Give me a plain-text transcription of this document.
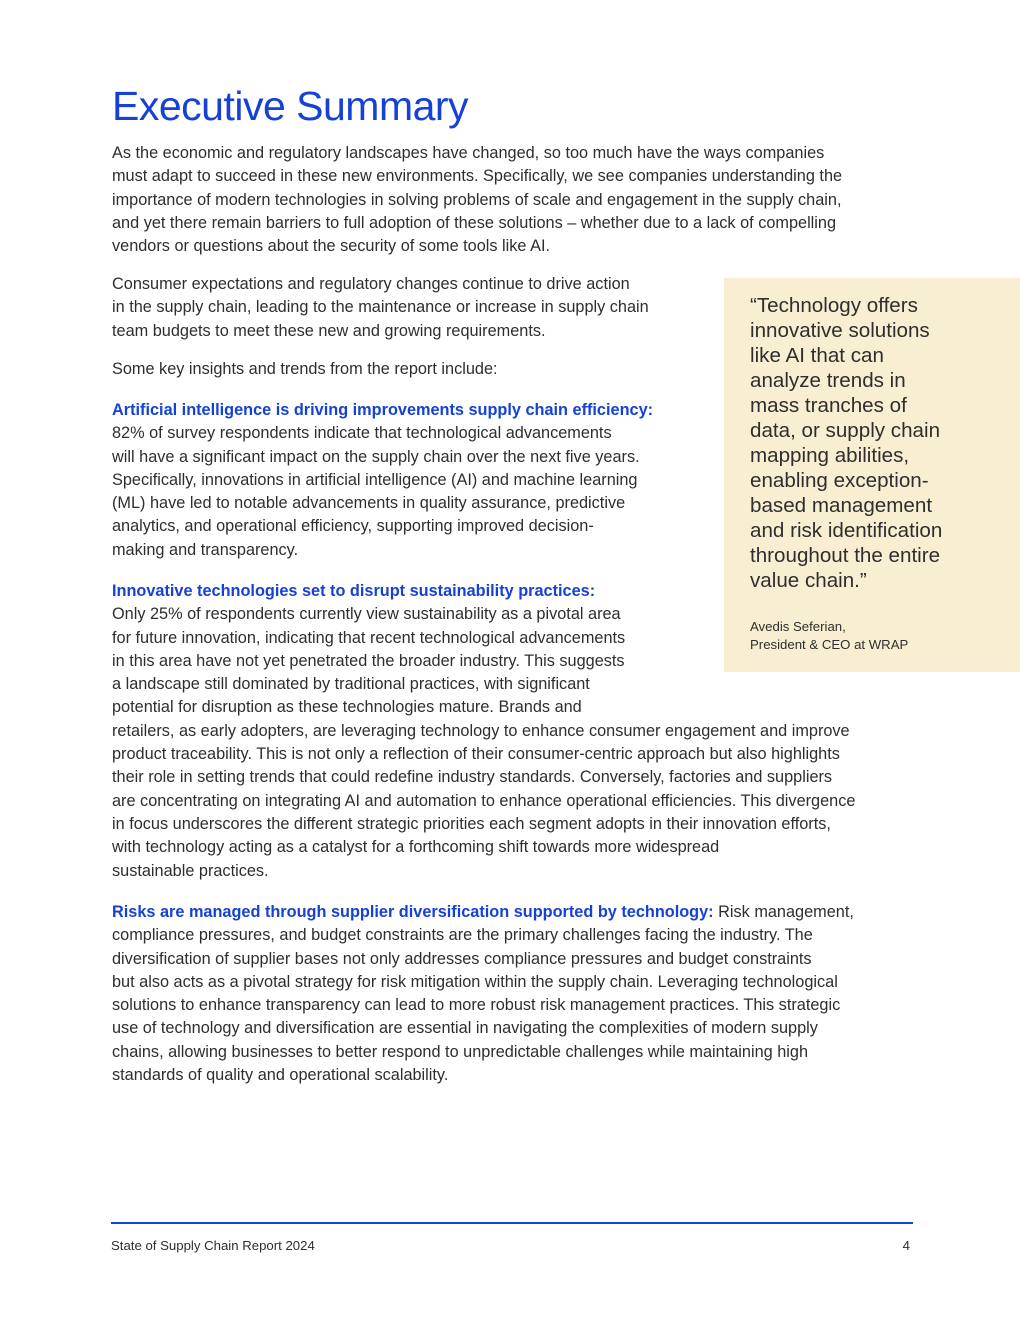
Executive Summary

As the economic and regulatory landscapes have changed, so too much have the ways companies
must adapt to succeed in these new environments. Specifically, we see companies understanding the
importance of modern technologies in solving problems of scale and engagement in the supply chain,
and yet there remain barriers to full adoption of these solutions – whether due to a lack of compelling
vendors or questions about the security of some tools like AI.

Consumer expectations and regulatory changes continue to drive action
in the supply chain, leading to the maintenance or increase in supply chain
team budgets to meet these new and growing requirements.

Some key insights and trends from the report include:

Artificial intelligence is driving improvements supply chain efficiency:
82% of survey respondents indicate that technological advancements
will have a significant impact on the supply chain over the next five years.
Specifically, innovations in artificial intelligence (AI) and machine learning
(ML) have led to notable advancements in quality assurance, predictive
analytics, and operational efficiency, supporting improved decision-
making and transparency.

Innovative technologies set to disrupt sustainability practices:
Only 25% of respondents currently view sustainability as a pivotal area
for future innovation, indicating that recent technological advancements
in this area have not yet penetrated the broader industry. This suggests
a landscape still dominated by traditional practices, with significant
potential for disruption as these technologies mature. Brands and
retailers, as early adopters, are leveraging technology to enhance consumer engagement and improve
product traceability. This is not only a reflection of their consumer-centric approach but also highlights
their role in setting trends that could redefine industry standards. Conversely, factories and suppliers
are concentrating on integrating AI and automation to enhance operational efficiencies. This divergence
in focus underscores the different strategic priorities each segment adopts in their innovation efforts,
with technology acting as a catalyst for a forthcoming shift towards more widespread
sustainable practices.

Risks are managed through supplier diversification supported by technology: Risk management,
compliance pressures, and budget constraints are the primary challenges facing the industry. The
diversification of supplier bases not only addresses compliance pressures and budget constraints
but also acts as a pivotal strategy for risk mitigation within the supply chain. Leveraging technological
solutions to enhance transparency can lead to more robust risk management practices. This strategic
use of technology and diversification are essential in navigating the complexities of modern supply
chains, allowing businesses to better respond to unpredictable challenges while maintaining high
standards of quality and operational scalability.

“Technology offers
innovative solutions
like AI that can
analyze trends in
mass tranches of
data, or supply chain
mapping abilities,
enabling exception-
based management
and risk identification
throughout the entire
value chain.”

Avedis Seferian,
President & CEO at WRAP

State of Supply Chain Report 2024	4
